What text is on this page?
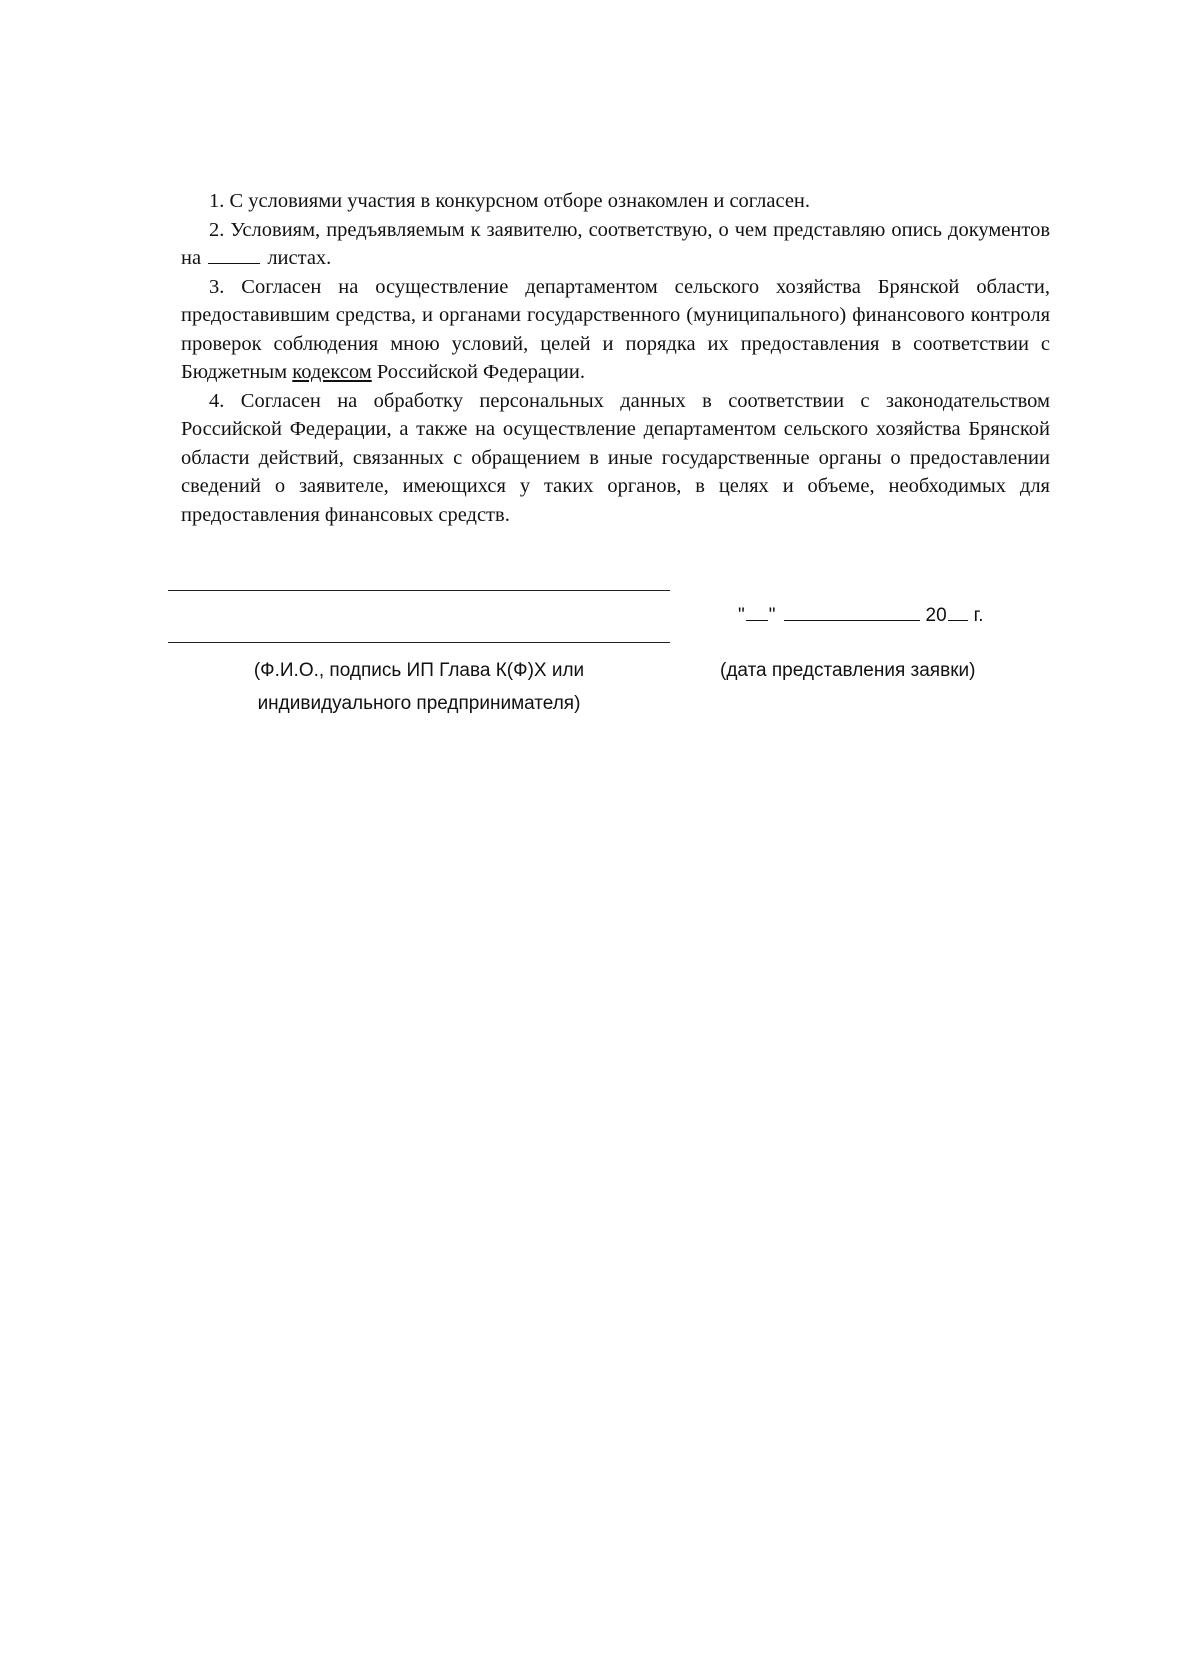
1. С условиями участия в конкурсном отборе ознакомлен и согласен.

2. Условиям, предъявляемым к заявителю, соответствую, о чем представляю опись документов на	листах.

3. Согласен на осуществление департаментом сельского хозяйства Брянской области, предоставившим средства, и органами государственного (муниципального) финансового контроля проверок соблюдения мною условий, целей и порядка их предоставления в соответствии с Бюджетным кодексом Российской Федерации.

4. Согласен на обработку персональных данных в соответствии с законодательством Российской Федерации, а также на осуществление департаментом сельского хозяйства Брянской области действий, связанных с обращением в иные государственные органы о предоставлении сведений о заявителе, имеющихся у таких органов, в целях и объеме, необходимых для предоставления финансовых средств.

(Ф.И.О., подпись ИП Глава К(Ф)Х или
индивидуального предпринимателя)
" "	20 г.
(дата представления заявки)
